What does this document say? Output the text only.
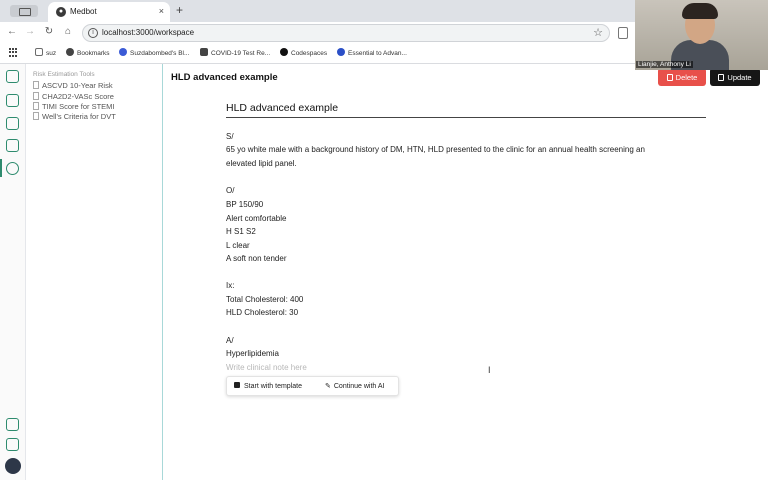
● Medbot	× +
← → ↻ ⌂	i	localhost:3000/workspace	☆
suz	Bookmarks	Suzdabombed's Bl...	COVID-19 Test Re...	Codespaces	Essential to Advan...
Risk Estimation Tools
ASCVD 10-Year Risk
CHA2D2-VASc Score
TIMI Score for STEMI
Well's Criteria for DVT
HLD advanced example	Delete	Update
HLD advanced example
S/
65 yo white male with a background history of DM, HTN, HLD presented to the clinic for an annual health screening an
elevated lipid panel.
O/
BP 150/90
Alert comfortable
H S1 S2
L clear
A soft non tender
Ix:
Total Cholesterol: 400
HLD Cholesterol: 30
A/
Hyperlipidemia
Write clinical note here	I
Start with template	✎ Continue with AI
Lianjie, Anthony Li
